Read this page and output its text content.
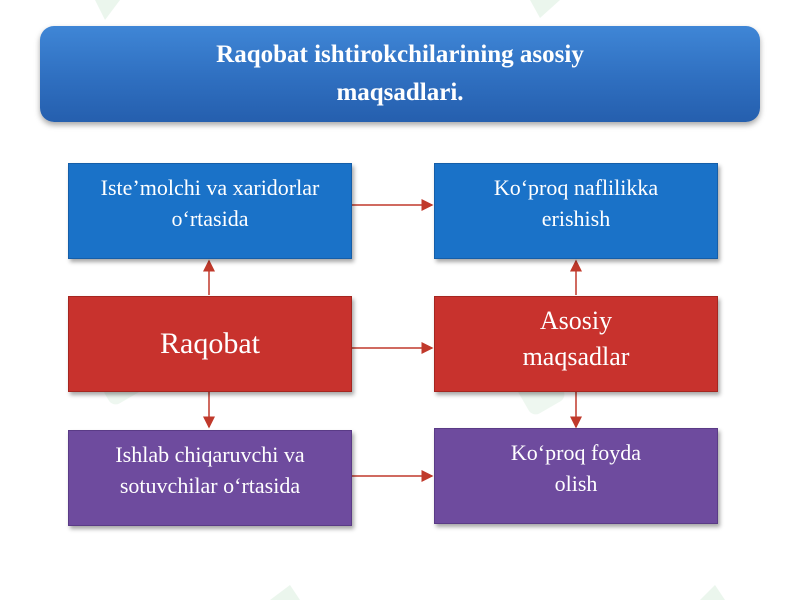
Raqobat ishtirokchilarining asosiy maqsadlari.
Iste’molchi va xaridorlar o‘rtasida
Ko‘proq naflilikka erishish
Raqobat
Asosiy maqsadlar
Ishlab chiqaruvchi va sotuvchilar o‘rtasida
Ko‘proq foyda olish
